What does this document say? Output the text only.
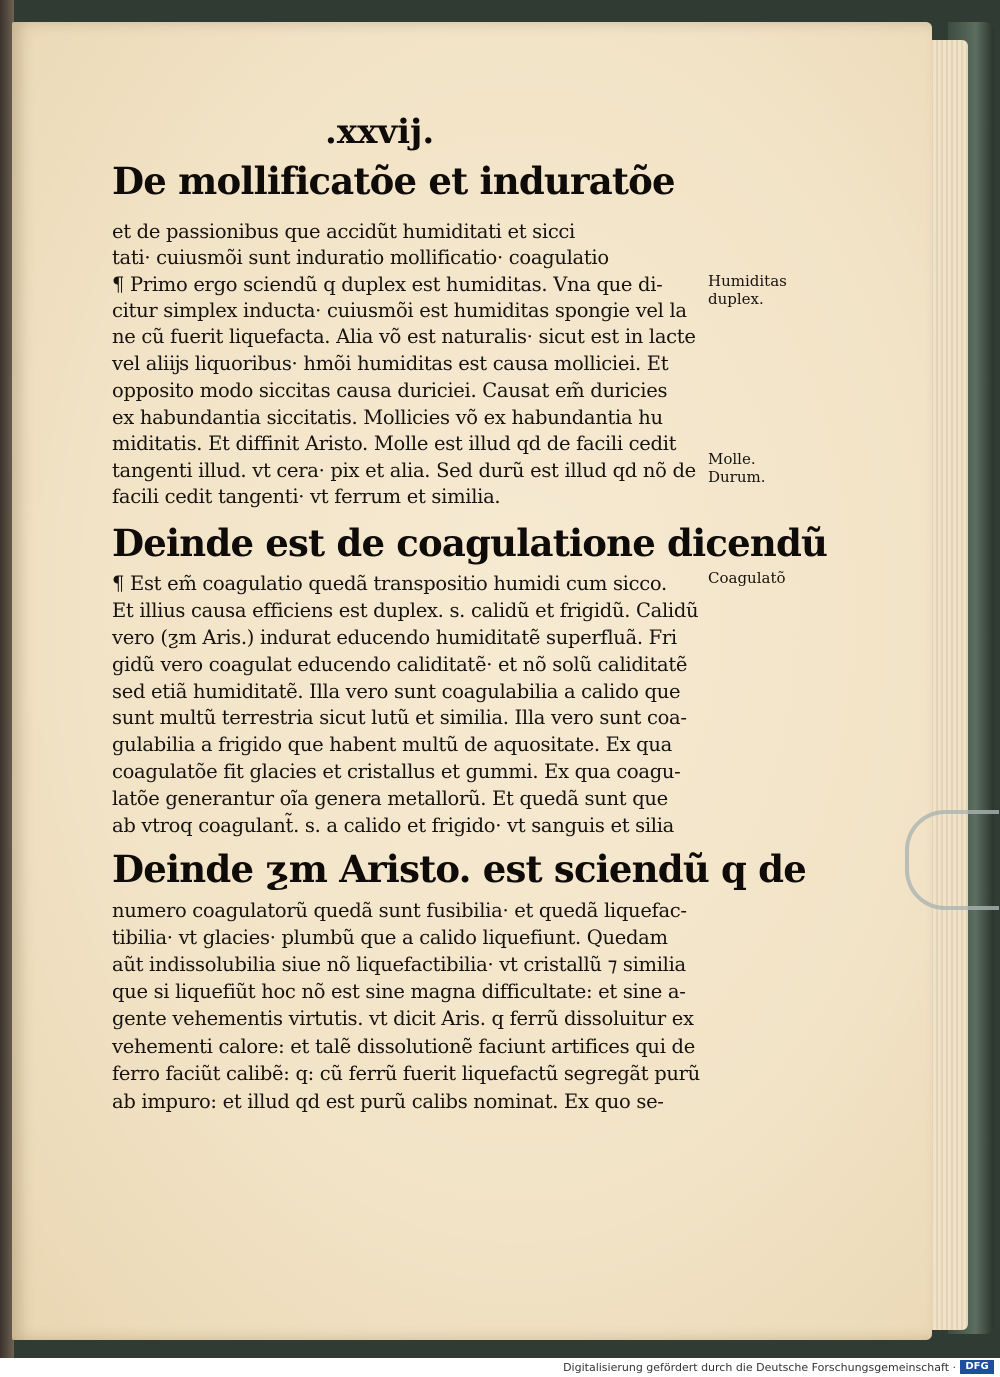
.xxvij.
De mollificatõe et induratõe
et de passionibus que accidũt humiditati et sicci
tati· cuiusmõi sunt induratio mollificatio· coagulatio
¶ Primo ergo sciendũ q duplex est humiditas. Vna que di-
citur simplex inducta· cuiusmõi est humiditas spongie vel la
ne cũ fuerit liquefacta. Alia võ est naturalis· sicut est in lacte
vel aliĳs liquoribus· hmõi humiditas est causa molliciei. Et
opposito modo siccitas causa duriciei. Causat em̃ duricies
ex habundantia siccitatis. Mollicies võ ex habundantia hu
miditatis. Et diffinit Aristo. Molle est illud qd de facili cedit
tangenti illud. vt cera· pix et alia. Sed durũ est illud qd nõ de
facili cedit tangenti· vt ferrum et similia.
Deinde est de coagulatione dicendũ
¶ Est em̃ coagulatio quedã transpositio humidi cum sicco.
Et illius causa efficiens est duplex. s. calidũ et frigidũ. Calidũ
vero (ƺm Aris.) indurat educendo humiditatẽ superfluã. Fri
gidũ vero coagulat educendo caliditatẽ· et nõ solũ caliditatẽ
sed etiã humiditatẽ. Illa vero sunt coagulabilia a calido que
sunt multũ terrestria sicut lutũ et similia. Illa vero sunt coa-
gulabilia a frigido que habent multũ de aquositate. Ex qua
coagulatõe fit glacies et cristallus et gummi. Ex qua coagu-
latõe generantur oĩa genera metallorũ. Et quedã sunt que
ab vtroq coagulant̃. s. a calido et frigido· vt sanguis et silia
Deinde ƺm Aristo. est sciendũ q de
numero coagulatorũ quedã sunt fusibilia· et quedã liquefac-
tibilia· vt glacies· plumbũ que a calido liquefiunt. Quedam
aũt indissolubilia siue nõ liquefactibilia· vt cristallũ ⁊ similia
que si liquefiũt hoc nõ est sine magna difficultate: et sine a-
gente vehementis virtutis. vt dicit Aris. q ferrũ dissoluitur ex
vehementi calore: et talẽ dissolutionẽ faciunt artifices qui de
ferro faciũt calibẽ: q: cũ ferrũ fuerit liquefactũ segregãt purũ
ab impuro: et illud qd est purũ calibs nominat. Ex quo se-
Humiditas
duplex.
Molle.
Durum.
Coagulatõ
Digitalisierung gefördert durch die Deutsche Forschungsgemeinschaft · DFG
